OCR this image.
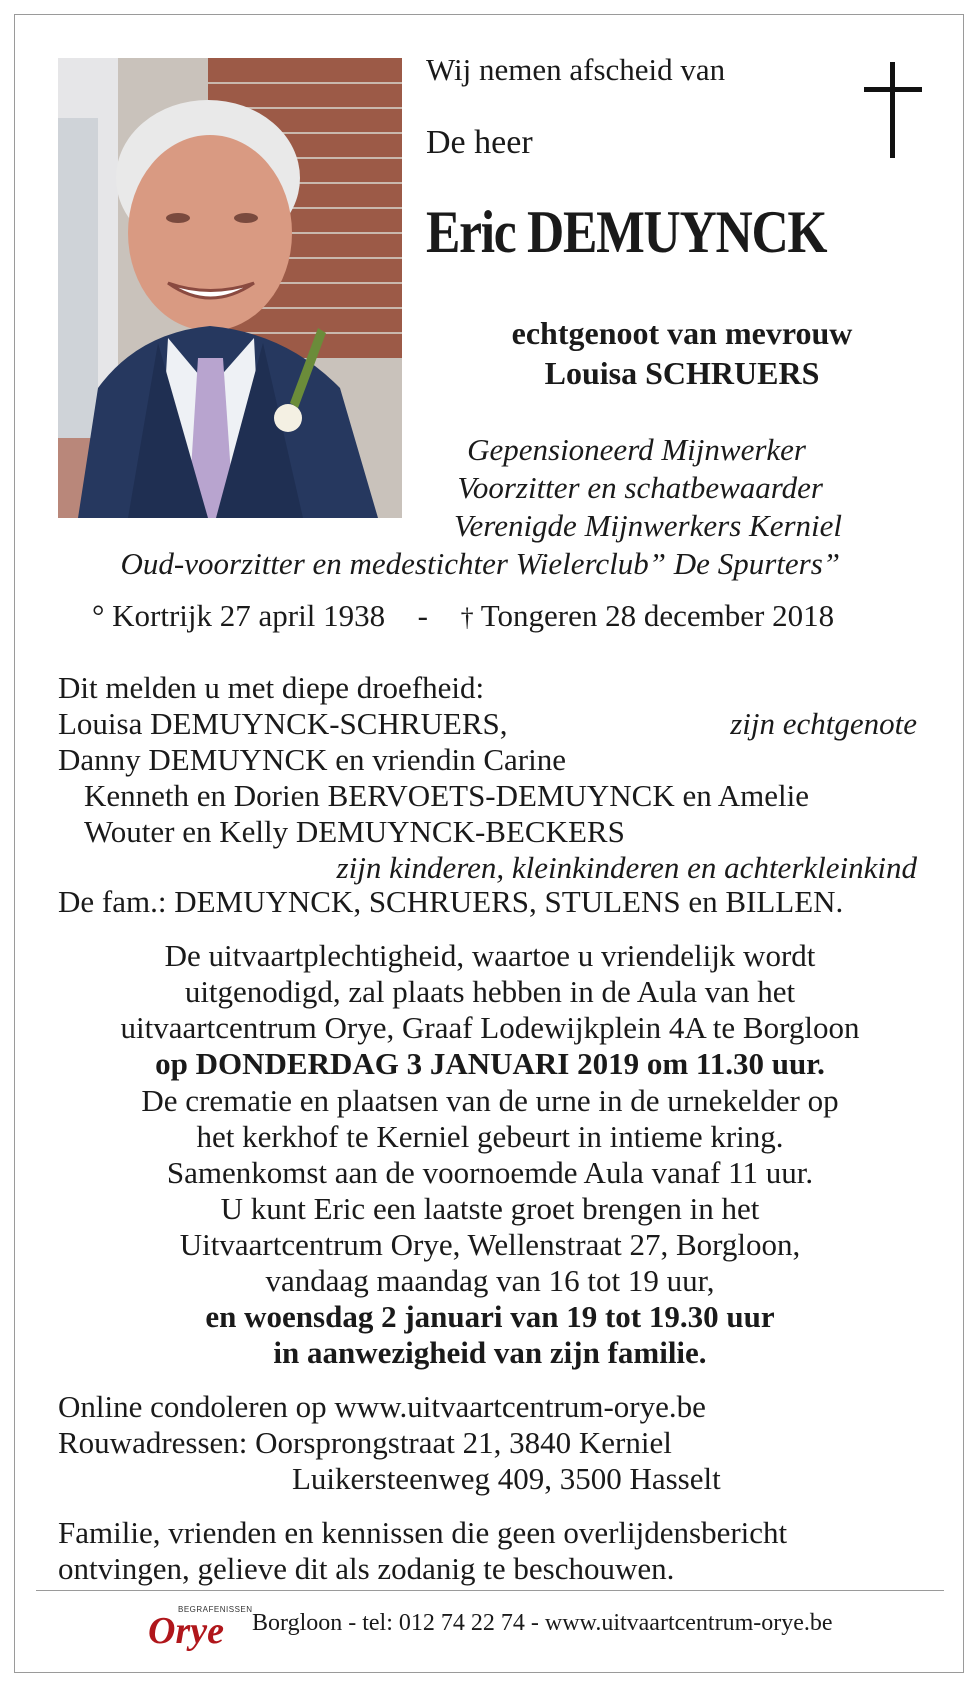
Wij nemen afscheid van
De heer
Eric DEMUYNCK
echtgenoot van mevrouw
Louisa SCHRUERS
Gepensioneerd Mijnwerker
Voorzitter en schatbewaarder
Verenigde Mijnwerkers Kerniel
Oud-voorzitter en medestichter Wielerclub” De Spurters”
° Kortrijk 27 april 1938 - † Tongeren 28 december 2018
Dit melden u met diepe droefheid:
Louisa DEMUYNCK-SCHRUERS,	zijn echtgenote
Danny DEMUYNCK en vriendin Carine
Kenneth en Dorien BERVOETS-DEMUYNCK en Amelie
Wouter en Kelly DEMUYNCK-BECKERS
zijn kinderen, kleinkinderen en achterkleinkind
De fam.: DEMUYNCK, SCHRUERS, STULENS en BILLEN.
De uitvaartplechtigheid, waartoe u vriendelijk wordt
uitgenodigd, zal plaats hebben in de Aula van het
uitvaartcentrum Orye, Graaf Lodewijkplein 4A te Borgloon
op DONDERDAG 3 JANUARI 2019 om 11.30 uur.
De crematie en plaatsen van de urne in de urnekelder op
het kerkhof te Kerniel gebeurt in intieme kring.
Samenkomst aan de voornoemde Aula vanaf 11 uur.
U kunt Eric een laatste groet brengen in het
Uitvaartcentrum Orye, Wellenstraat 27, Borgloon,
vandaag maandag van 16 tot 19 uur,
en woensdag 2 januari van 19 tot 19.30 uur
in aanwezigheid van zijn familie.
Online condoleren op www.uitvaartcentrum-orye.be
Rouwadressen: Oorsprongstraat 21, 3840 Kerniel
Luikersteenweg 409, 3500 Hasselt
Familie, vrienden en kennissen die geen overlijdensbericht
ontvingen, gelieve dit als zodanig te beschouwen.
BEGRAFENISSEN
Orye Borgloon - tel: 012 74 22 74 - www.uitvaartcentrum-orye.be
